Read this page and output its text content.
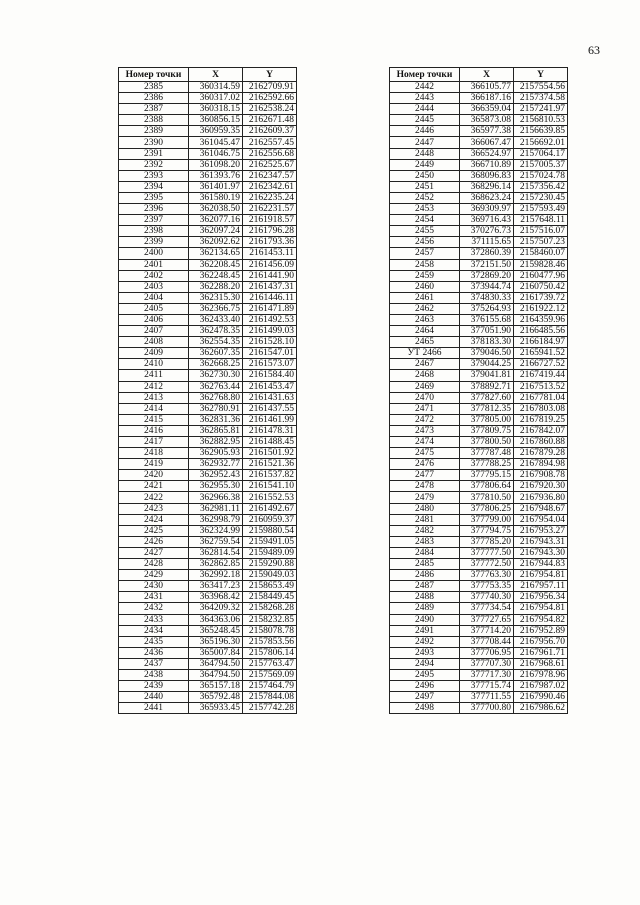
63
Номер точки	X	Y
2385	360314.59	2162709.91
2386	360317.02	2162592.66
2387	360318.15	2162538.24
2388	360856.15	2162671.48
2389	360959.35	2162609.37
2390	361045.47	2162557.45
2391	361046.75	2162556.68
2392	361098.20	2162525.67
2393	361393.76	2162347.57
2394	361401.97	2162342.61
2395	361580.19	2162235.24
2396	362038.50	2162231.57
2397	362077.16	2161918.57
2398	362097.24	2161796.28
2399	362092.62	2161793.36
2400	362134.65	2161453.11
2401	362208.45	2161456.09
2402	362248.45	2161441.90
2403	362288.20	2161437.31
2404	362315.30	2161446.11
2405	362366.75	2161471.89
2406	362433.40	2161492.53
2407	362478.35	2161499.03
2408	362554.35	2161528.10
2409	362607.35	2161547.01
2410	362668.25	2161573.07
2411	362730.30	2161584.40
2412	362763.44	2161453.47
2413	362768.80	2161431.63
2414	362780.91	2161437.55
2415	362831.36	2161461.99
2416	362865.81	2161478.31
2417	362882.95	2161488.45
2418	362905.93	2161501.92
2419	362932.77	2161521.36
2420	362952.43	2161537.82
2421	362955.30	2161541.10
2422	362966.38	2161552.53
2423	362981.11	2161492.67
2424	362998.79	2160959.37
2425	362324.99	2159880.54
2426	362759.54	2159491.05
2427	362814.54	2159489.09
2428	362862.85	2159290.88
2429	362992.18	2159049.03
2430	363417.23	2158653.49
2431	363968.42	2158449.45
2432	364209.32	2158268.28
2433	364363.06	2158232.85
2434	365248.45	2158078.78
2435	365196.30	2157853.56
2436	365007.84	2157806.14
2437	364794.50	2157763.47
2438	364794.50	2157569.09
2439	365157.18	2157464.79
2440	365792.48	2157844.08
2441	365933.45	2157742.28
Номер точки	X	Y
2442	366105.77	2157554.56
2443	366187.16	2157374.58
2444	366359.04	2157241.97
2445	365873.08	2156810.53
2446	365977.38	2156639.85
2447	366067.47	2156692.01
2448	366524.97	2157064.17
2449	366710.89	2157005.37
2450	368096.83	2157024.78
2451	368296.14	2157356.42
2452	368623.24	2157230.45
2453	369309.97	2157593.49
2454	369716.43	2157648.11
2455	370276.73	2157516.07
2456	371115.65	2157507.23
2457	372860.39	2158460.07
2458	372151.50	2159828.46
2459	372869.20	2160477.96
2460	373944.74	2160750.42
2461	374830.33	2161739.72
2462	375264.93	2161922.12
2463	376155.68	2164359.96
2464	377051.90	2166485.56
2465	378183.30	2166184.97
УТ 2466	379046.50	2165941.52
2467	379044.25	2166727.52
2468	379041.81	2167419.44
2469	378892.71	2167513.52
2470	377827.60	2167781.04
2471	377812.35	2167803.08
2472	377805.00	2167819.25
2473	377809.75	2167842.07
2474	377800.50	2167860.88
2475	377787.48	2167879.28
2476	377788.25	2167894.98
2477	377795.15	2167908.78
2478	377806.64	2167920.30
2479	377810.50	2167936.80
2480	377806.25	2167948.67
2481	377799.00	2167954.04
2482	377794.75	2167953.27
2483	377785.20	2167943.31
2484	377777.50	2167943.30
2485	377772.50	2167944.83
2486	377763.30	2167954.81
2487	377753.35	2167957.11
2488	377740.30	2167956.34
2489	377734.54	2167954.81
2490	377727.65	2167954.82
2491	377714.20	2167952.89
2492	377708.44	2167956.70
2493	377706.95	2167961.71
2494	377707.30	2167968.61
2495	377717.30	2167978.96
2496	377715.74	2167987.02
2497	377711.55	2167990.46
2498	377700.80	2167986.62
